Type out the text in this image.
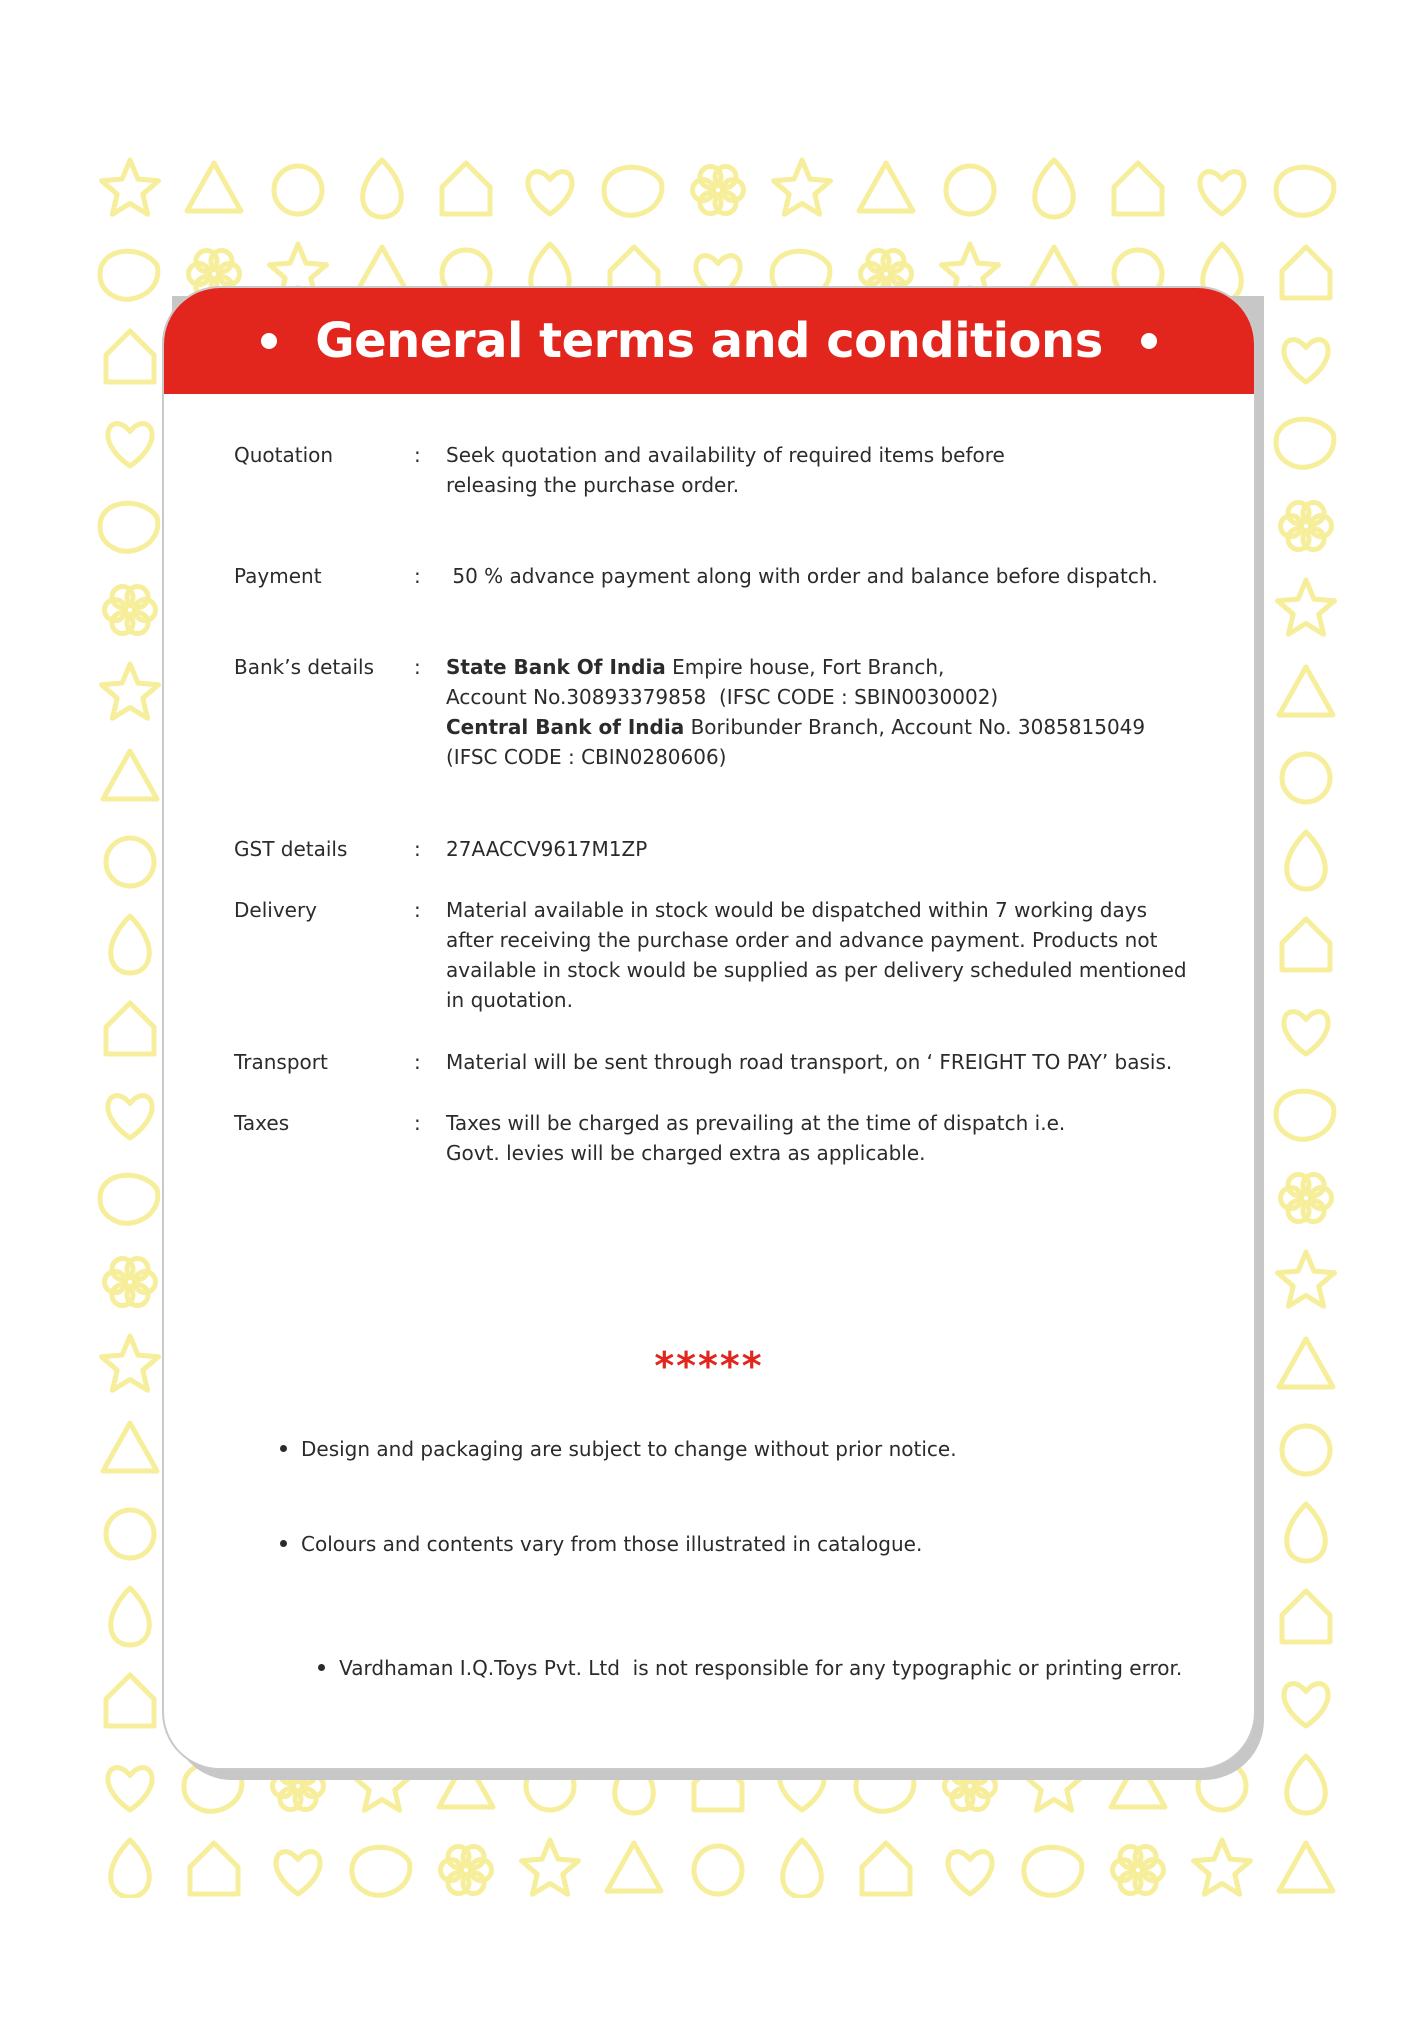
General terms and conditions
Quotation	: Seek quotation and availability of required items before
releasing the purchase order.
Payment	: 50 % advance payment along with order and balance before dispatch.
Bank’s details	: State Bank Of India Empire house, Fort Branch,
Account No.30893379858  (IFSC CODE : SBIN0030002)
Central Bank of India Boribunder Branch, Account No. 3085815049
(IFSC CODE : CBIN0280606)
GST details	: 27AACCV9617M1ZP
Delivery	: Material available in stock would be dispatched within 7 working days
after receiving the purchase order and advance payment. Products not
available in stock would be supplied as per delivery scheduled mentioned
in quotation.
Transport	: Material will be sent through road transport, on ‘ FREIGHT TO PAY’ basis.
Taxes	: Taxes will be charged as prevailing at the time of dispatch i.e.
Govt. levies will be charged extra as applicable.
*****
Design and packaging are subject to change without prior notice.
Colours and contents vary from those illustrated in catalogue.

Vardhaman I.Q.Toys Pvt. Ltd  is not responsible for any typographic or printing error.
